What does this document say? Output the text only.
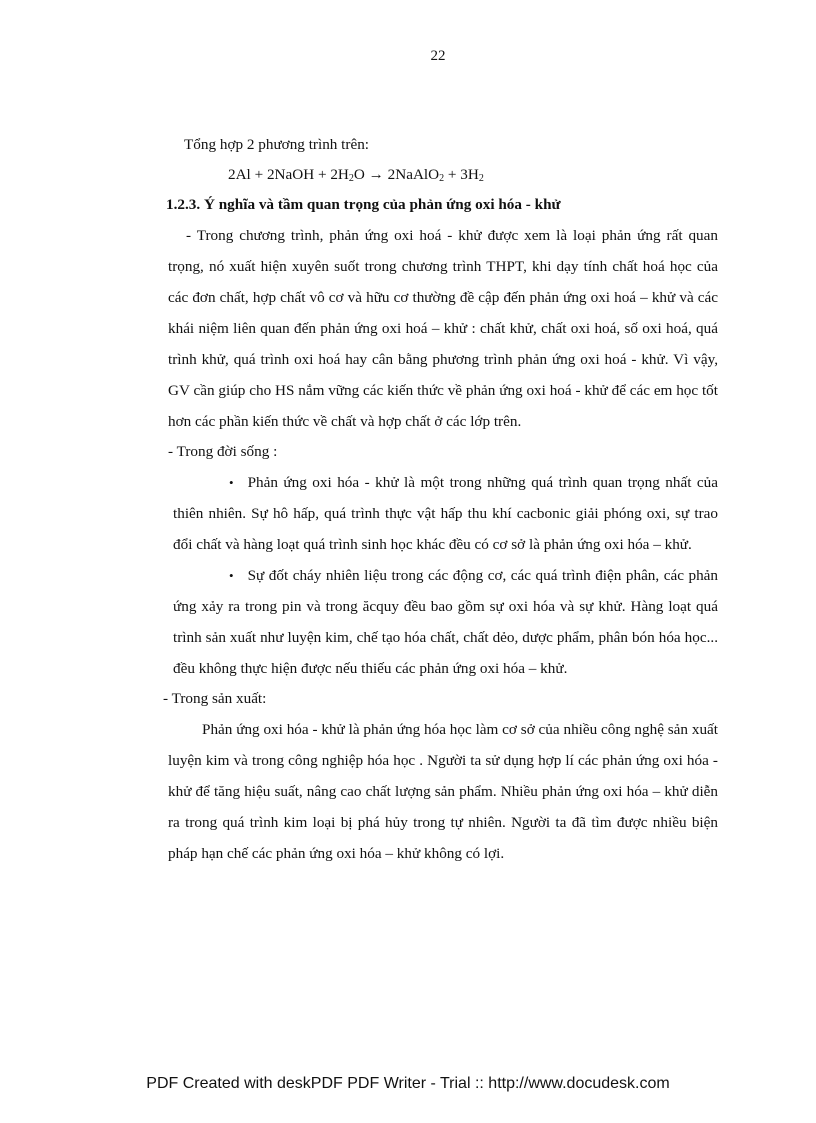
22
Tổng hợp 2 phương trình trên:
2Al + 2NaOH + $2H_2O$ → 2NaAlO$_2$ + $3H_2$
1.2.3. Ý nghĩa và tầm quan trọng của phản ứng oxi hóa - khử

- Trong chương trình, phản ứng oxi hoá - khử được xem là loại phản ứng rất quan trọng, nó xuất hiện xuyên suốt trong chương trình THPT, khi dạy tính chất hoá học của các đơn chất, hợp chất vô cơ và hữu cơ thường đề cập đến phản ứng oxi hoá – khử và các khái niệm liên quan đến phản ứng oxi hoá – khử : chất khử, chất oxi hoá, số oxi hoá, quá trình khử, quá trình oxi hoá hay cân bằng phương trình phản ứng oxi hoá - khử. Vì vậy, GV cần giúp cho HS nắm vững các kiến thức về phản ứng oxi hoá - khử để các em học tốt hơn các phần kiến thức về chất và hợp chất ở các lớp trên.

- Trong đời sống :

• Phản ứng oxi hóa - khử là một trong những quá trình quan trọng nhất của thiên nhiên. Sự hô hấp, quá trình thực vật hấp thu khí cacbonic giải phóng oxi, sự trao đổi chất và hàng loạt quá trình sinh học khác đều có cơ sở là phản ứng oxi hóa – khử.

• Sự đốt cháy nhiên liệu trong các động cơ, các quá trình điện phân, các phản ứng xảy ra trong pin và trong ăcquy đều bao gồm sự oxi hóa và sự khử. Hàng loạt quá trình sản xuất như luyện kim, chế tạo hóa chất, chất dẻo, dược phẩm, phân bón hóa học... đều không thực hiện được nếu thiếu các phản ứng oxi hóa – khử.

- Trong sản xuất:

Phản ứng oxi hóa - khử là phản ứng hóa học làm cơ sở của nhiều công nghệ sản xuất luyện kim và trong công nghiệp hóa học . Người ta sử dụng hợp lí các phản ứng oxi hóa - khử để tăng hiệu suất, nâng cao chất lượng sản phẩm. Nhiều phản ứng oxi hóa – khử diễn ra trong quá trình kim loại bị phá hủy trong tự nhiên. Người ta đã tìm được nhiều biện pháp hạn chế các phản ứng oxi hóa – khử không có lợi.

PDF Created with deskPDF PDF Writer - Trial :: http://www.docudesk.com
